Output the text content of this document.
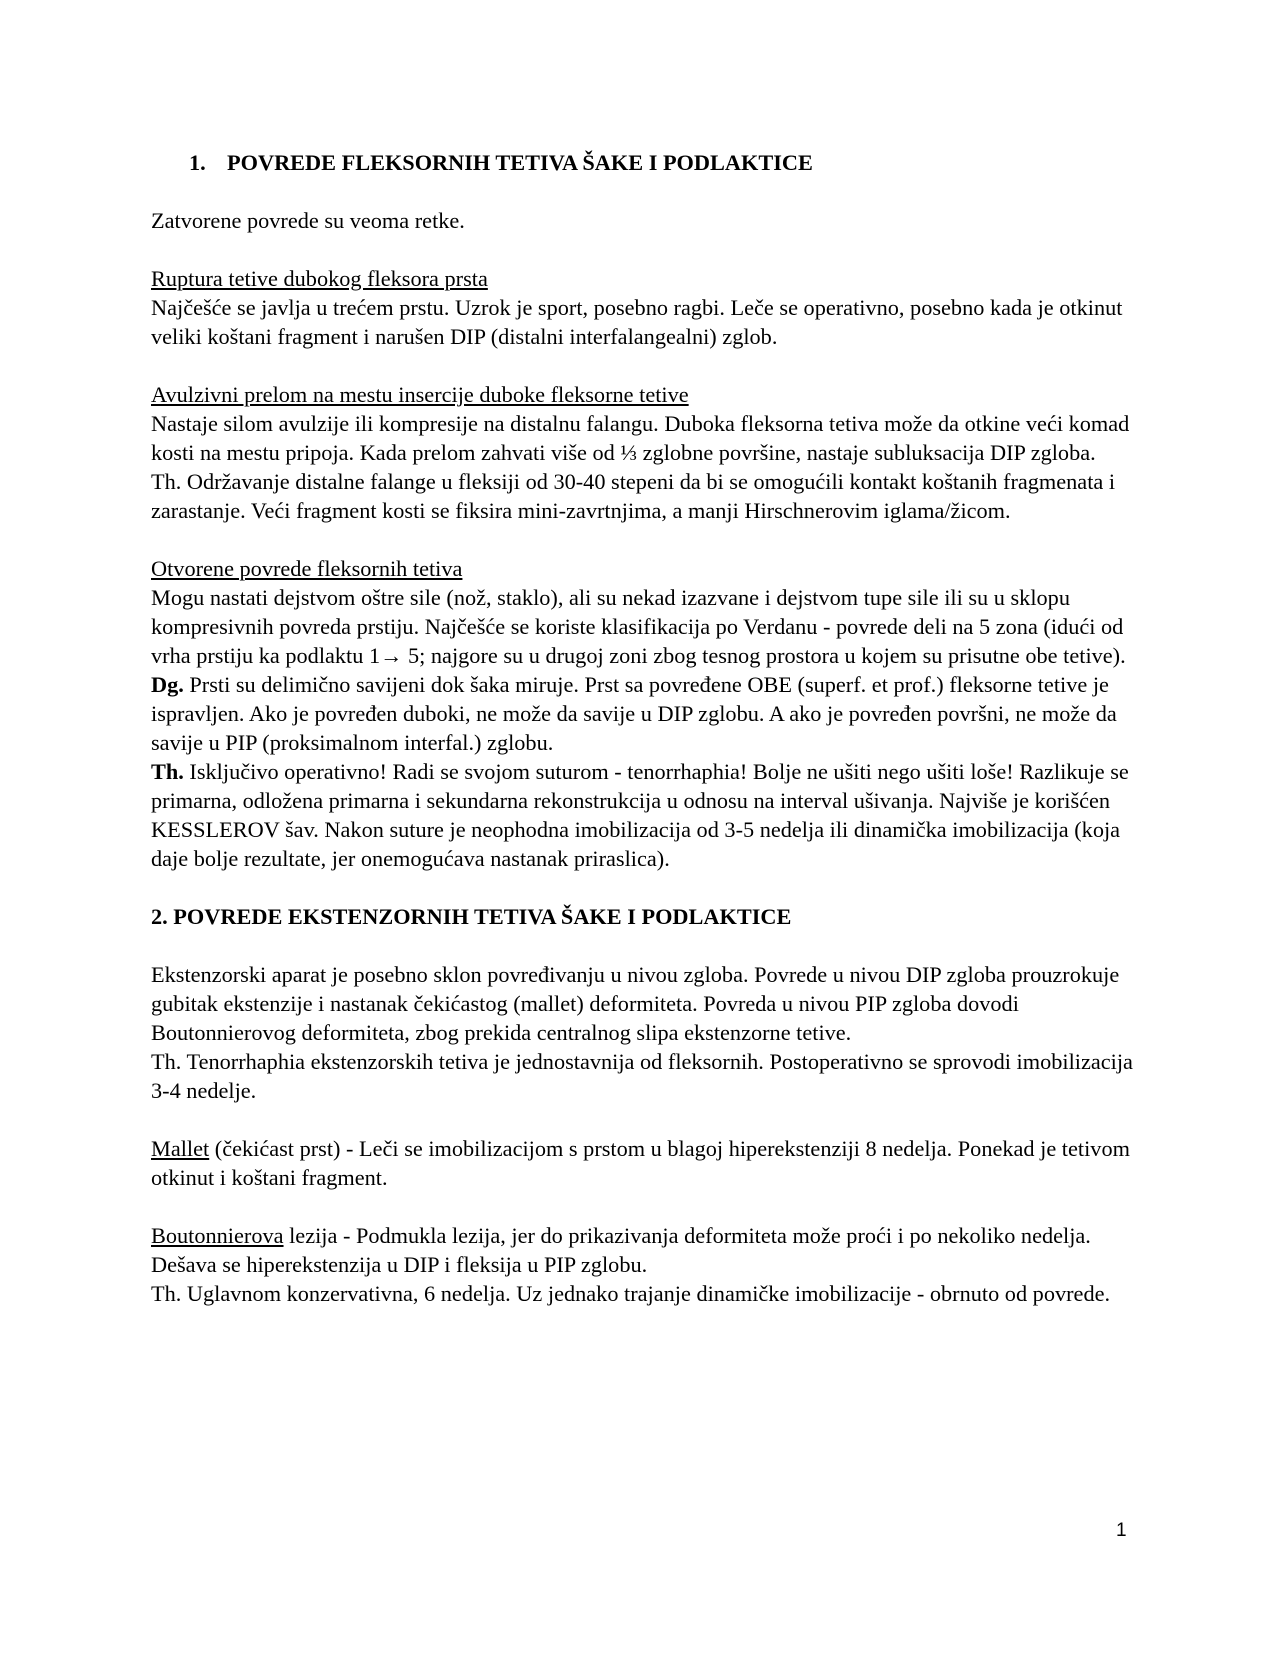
1. POVREDE FLEKSORNIH TETIVA ŠAKE I PODLAKTICE

Zatvorene povrede su veoma retke.

Ruptura tetive dubokog fleksora prsta

Najčešće se javlja u trećem prstu. Uzrok je sport, posebno ragbi. Leče se operativno, posebno kada je otkinut veliki koštani fragment i narušen DIP (distalni interfalangealni) zglob.

Avulzivni prelom na mestu insercije duboke fleksorne tetive

Nastaje silom avulzije ili kompresije na distalnu falangu. Duboka fleksorna tetiva može da otkine veći komad kosti na mestu pripoja. Kada prelom zahvati više od ⅓ zglobne površine, nastaje subluksacija DIP zgloba.

Th. Održavanje distalne falange u fleksiji od 30-40 stepeni da bi se omogućili kontakt koštanih fragmenata i zarastanje. Veći fragment kosti se fiksira mini-zavrtnjima, a manji Hirschnerovim iglama/žicom.

Otvorene povrede fleksornih tetiva

Mogu nastati dejstvom oštre sile (nož, staklo), ali su nekad izazvane i dejstvom tupe sile ili su u sklopu kompresivnih povreda prstiju. Najčešće se koriste klasifikacija po Verdanu - povrede deli na 5 zona (idući od vrha prstiju ka podlaktu 1→ 5; najgore su u drugoj zoni zbog tesnog prostora u kojem su prisutne obe tetive).

Dg. Prsti su delimično savijeni dok šaka miruje. Prst sa povređene OBE (superf. et prof.) fleksorne tetive je ispravljen. Ako je povređen duboki, ne može da savije u DIP zglobu. A ako je povređen površni, ne može da savije u PIP (proksimalnom interfal.) zglobu.

Th. Isključivo operativno! Radi se svojom suturom - tenorrhaphia! Bolje ne ušiti nego ušiti loše! Razlikuje se primarna, odložena primarna i sekundarna rekonstrukcija u odnosu na interval ušivanja. Najviše je korišćen KESSLEROV šav. Nakon suture je neophodna imobilizacija od 3-5 nedelja ili dinamička imobilizacija (koja daje bolje rezultate, jer onemogućava nastanak priraslica).

2. POVREDE EKSTENZORNIH TETIVA ŠAKE I PODLAKTICE

Ekstenzorski aparat je posebno sklon povređivanju u nivou zgloba. Povrede u nivou DIP zgloba prouzrokuje gubitak ekstenzije i nastanak čekićastog (mallet) deformiteta. Povreda u nivou PIP zgloba dovodi Boutonnierovog deformiteta, zbog prekida centralnog slipa ekstenzorne tetive.

Th. Tenorrhaphia ekstenzorskih tetiva je jednostavnija od fleksornih. Postoperativno se sprovodi imobilizacija 3-4 nedelje.

Mallet (čekićast prst) - Leči se imobilizacijom s prstom u blagoj hiperekstenziji 8 nedelja. Ponekad je tetivom otkinut i koštani fragment.

Boutonnierova lezija - Podmukla lezija, jer do prikazivanja deformiteta može proći i po nekoliko nedelja. Dešava se hiperekstenzija u DIP i fleksija u PIP zglobu.

Th. Uglavnom konzervativna, 6 nedelja. Uz jednako trajanje dinamičke imobilizacije - obrnuto od povrede.

1
